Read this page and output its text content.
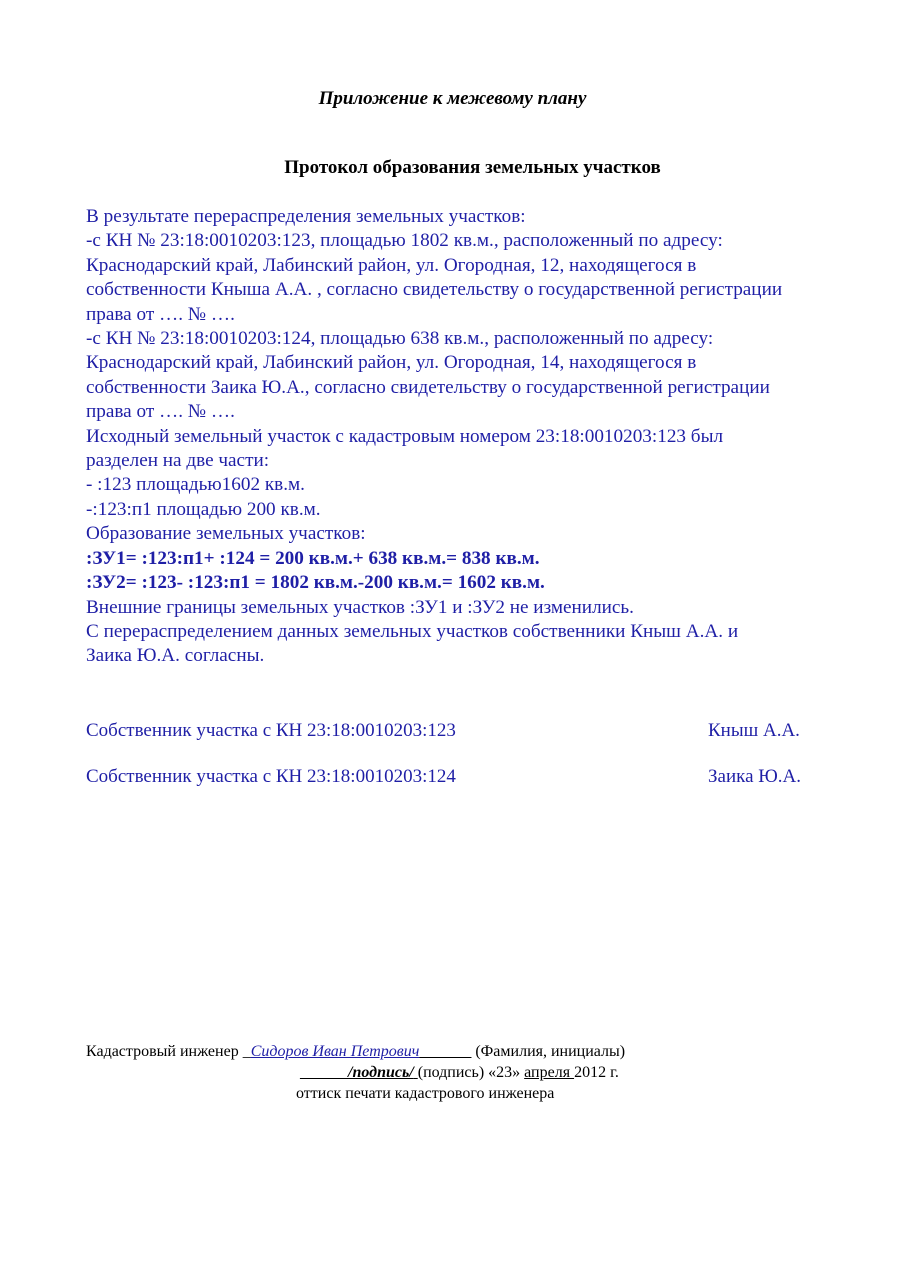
Приложение к межевому плану
Протокол образования земельных участков
В результате перераспределения земельных участков:
-с КН № 23:18:0010203:123, площадью 1802 кв.м., расположенный по адресу:
Краснодарский край, Лабинский район, ул. Огородная, 12, находящегося в
собственности Кныша А.А. , согласно свидетельству о государственной регистрации
права от …. № ….
-с КН № 23:18:0010203:124, площадью 638 кв.м., расположенный по адресу:
Краснодарский край, Лабинский район, ул. Огородная, 14, находящегося в
собственности Заика Ю.А., согласно свидетельству о государственной регистрации
права от …. № ….
Исходный земельный участок с кадастровым номером 23:18:0010203:123 был
разделен на две части:
- :123 площадью1602 кв.м.
-:123:п1 площадью 200 кв.м.
Образование земельных участков:
:ЗУ1= :123:п1+ :124 = 200 кв.м.+ 638 кв.м.= 838 кв.м.
:ЗУ2= :123- :123:п1 = 1802 кв.м.-200 кв.м.= 1602 кв.м.
Внешние границы земельных участков :ЗУ1 и :ЗУ2 не изменились.
С перераспределением данных земельных участков собственники Кныш А.А. и
Заика Ю.А. согласны.
Собственник участка с КН 23:18:0010203:123	Кныш А.А.
Собственник участка с КН 23:18:0010203:124	Заика Ю.А.
Кадастровый инженер _Сидоров Иван Петрович ______ (Фамилия, инициалы)
______/подпись/ (подпись) «23» апреля 2012 г.
оттиск печати кадастрового инженера
